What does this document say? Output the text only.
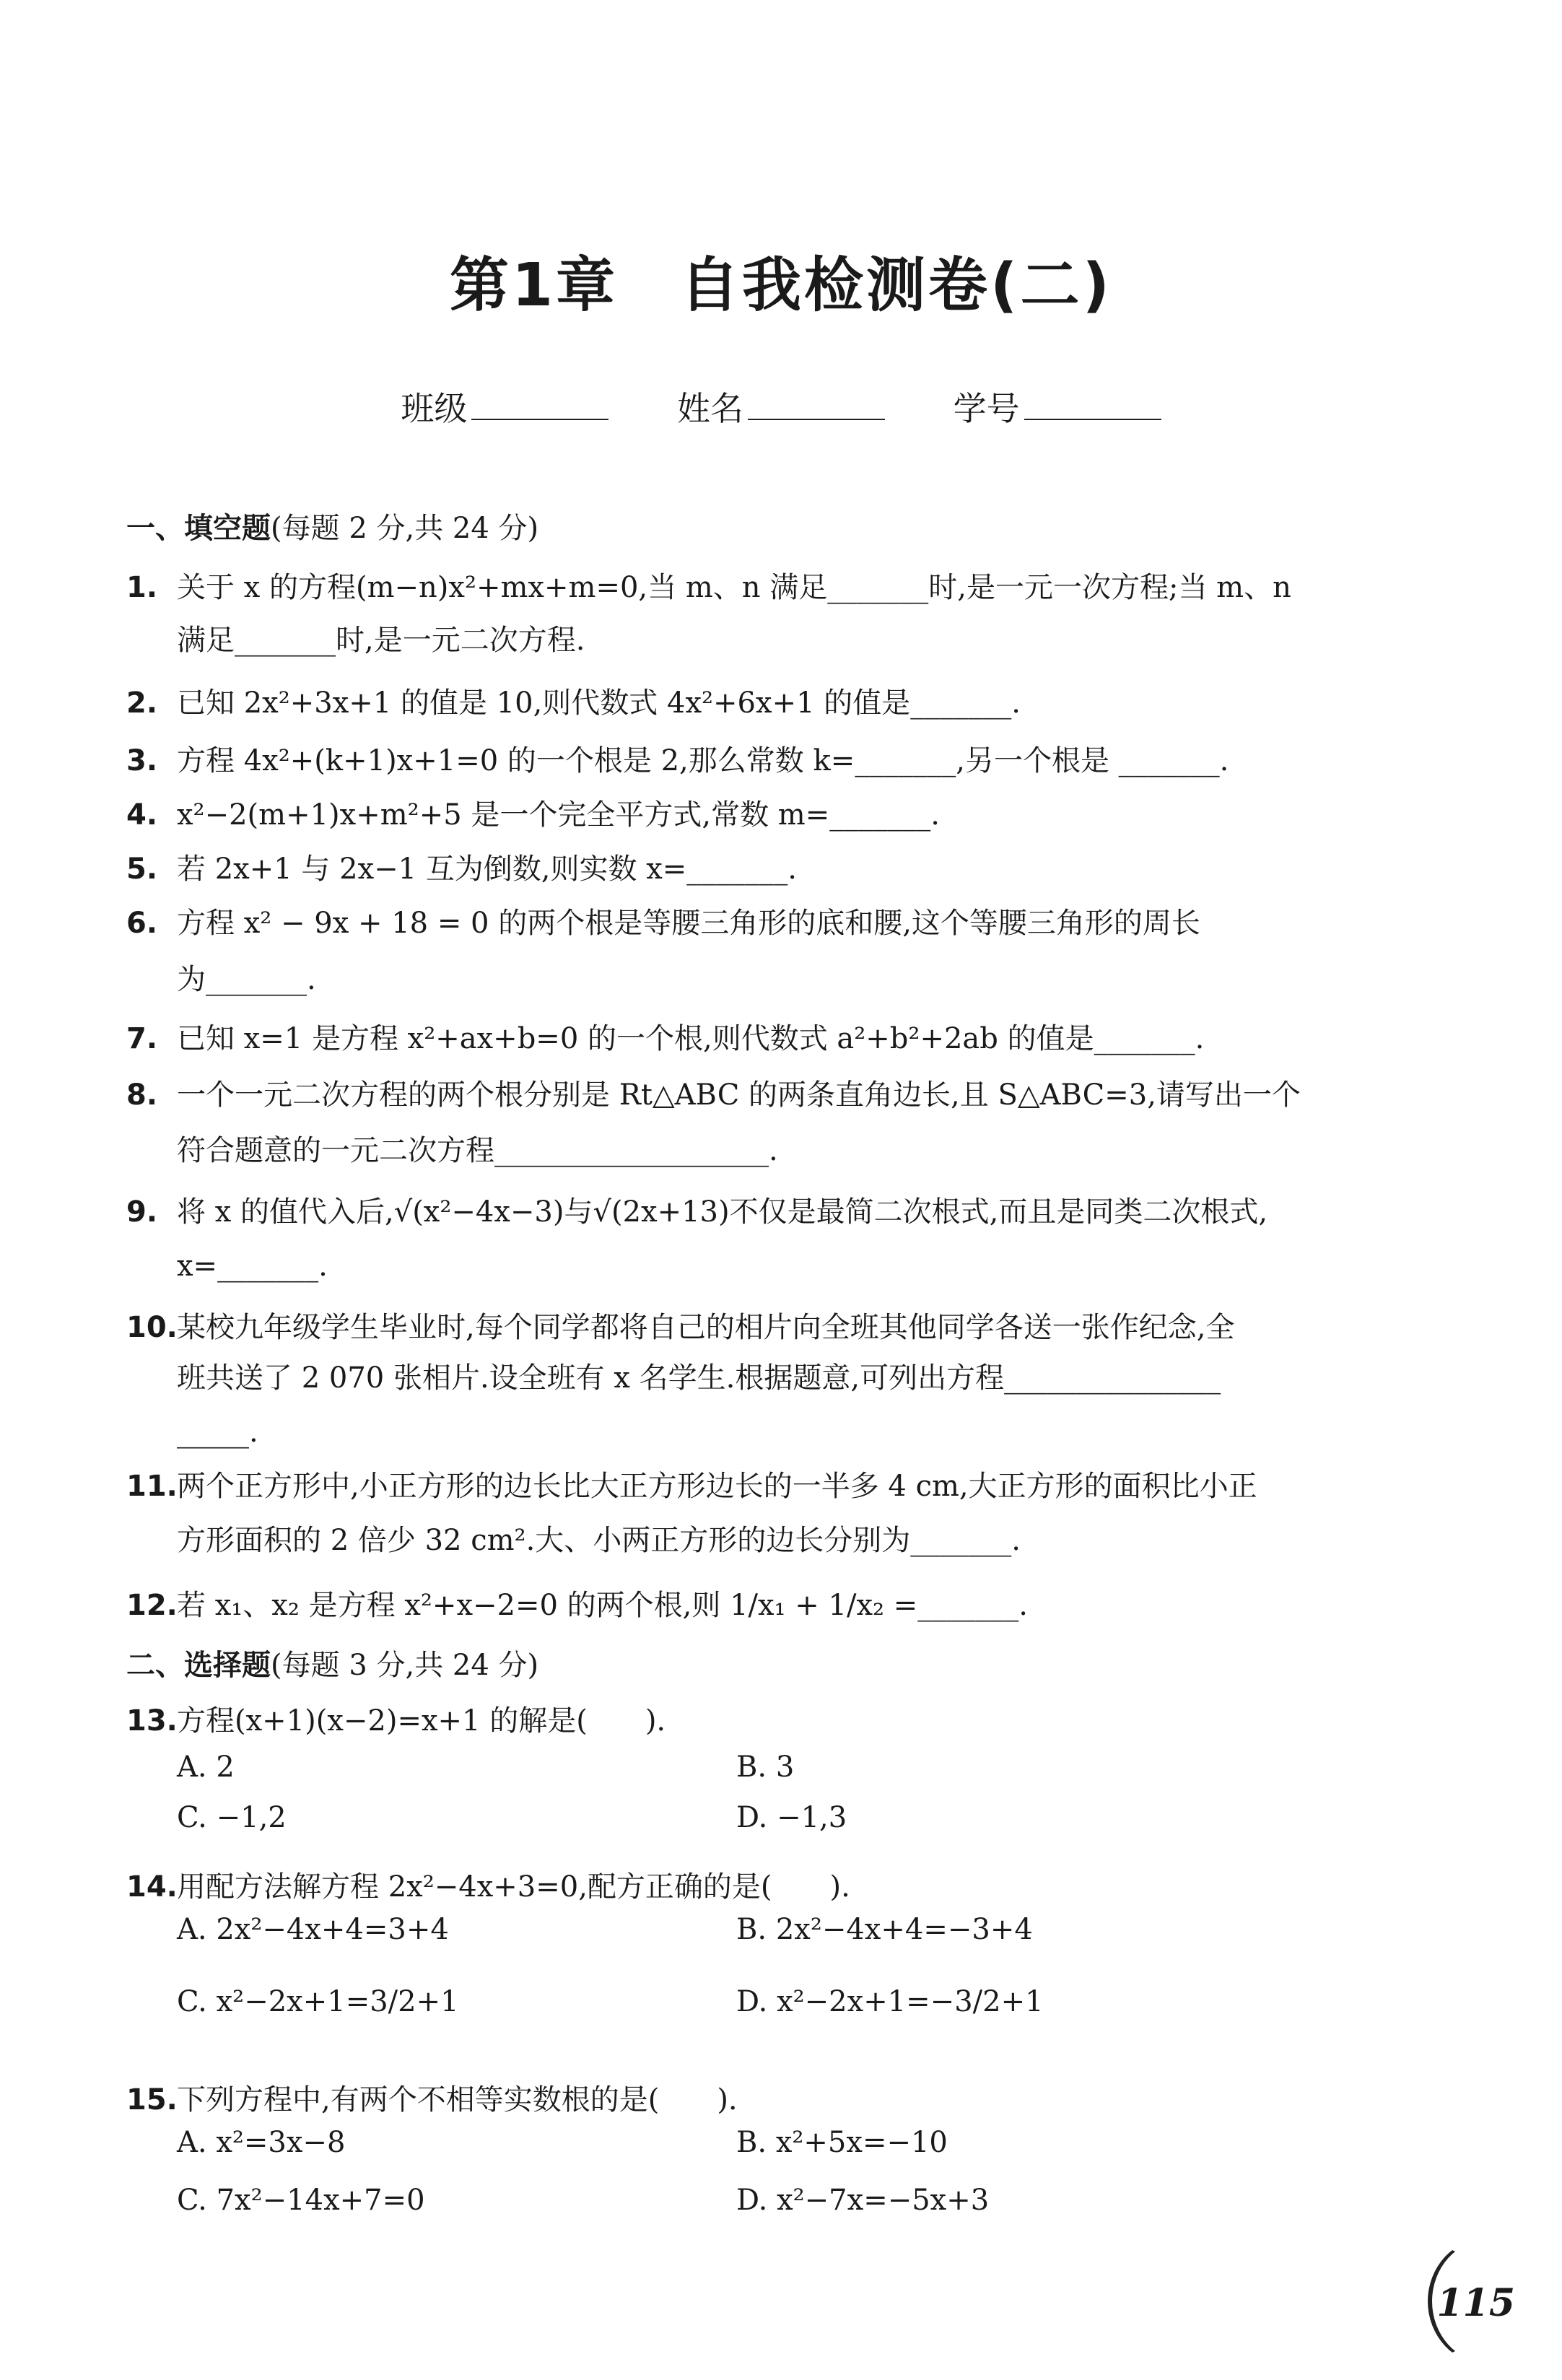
第1章　自我检测卷(二)
班级	姓名	学号
一、填空题(每题 2 分,共 24 分)
1. 关于 x 的方程(m−n)x²+mx+m=0,当 m、n 满足_______时,是一元一次方程;当 m、n
满足_______时,是一元二次方程.
2. 已知 2x²+3x+1 的值是 10,则代数式 4x²+6x+1 的值是_______.
3. 方程 4x²+(k+1)x+1=0 的一个根是 2,那么常数 k=_______,另一个根是 _______.
4. x²−2(m+1)x+m²+5 是一个完全平方式,常数 m=_______.
5. 若 2x+1 与 2x−1 互为倒数,则实数 x=_______.
6. 方程 x² − 9x + 18 = 0 的两个根是等腰三角形的底和腰,这个等腰三角形的周长
为_______.
7. 已知 x=1 是方程 x²+ax+b=0 的一个根,则代数式 a²+b²+2ab 的值是_______.
8. 一个一元二次方程的两个根分别是 Rt△ABC 的两条直角边长,且 S△ABC=3,请写出一个
符合题意的一元二次方程___________________.
9. 将 x 的值代入后,√(x²−4x−3)与√(2x+13)不仅是最简二次根式,而且是同类二次根式,
x=_______.
10.某校九年级学生毕业时,每个同学都将自己的相片向全班其他同学各送一张作纪念,全
班共送了 2 070 张相片.设全班有 x 名学生.根据题意,可列出方程_______________
_____.
11.两个正方形中,小正方形的边长比大正方形边长的一半多 4 cm,大正方形的面积比小正
方形面积的 2 倍少 32 cm².大、小两正方形的边长分别为_______.
12.若 x₁、x₂ 是方程 x²+x−2=0 的两个根,则 1/x₁ + 1/x₂ =_______.
二、选择题(每题 3 分,共 24 分)
13.方程(x+1)(x−2)=x+1 的解是(　　).
A. 2	B. 3
C. −1,2	D. −1,3
14.用配方法解方程 2x²−4x+3=0,配方正确的是(　　).
A. 2x²−4x+4=3+4	B. 2x²−4x+4=−3+4
C. x²−2x+1=3/2+1	D. x²−2x+1=−3/2+1
15.下列方程中,有两个不相等实数根的是(　　).
A. x²=3x−8	B. x²+5x=−10
C. 7x²−14x+7=0	D. x²−7x=−5x+3
115
